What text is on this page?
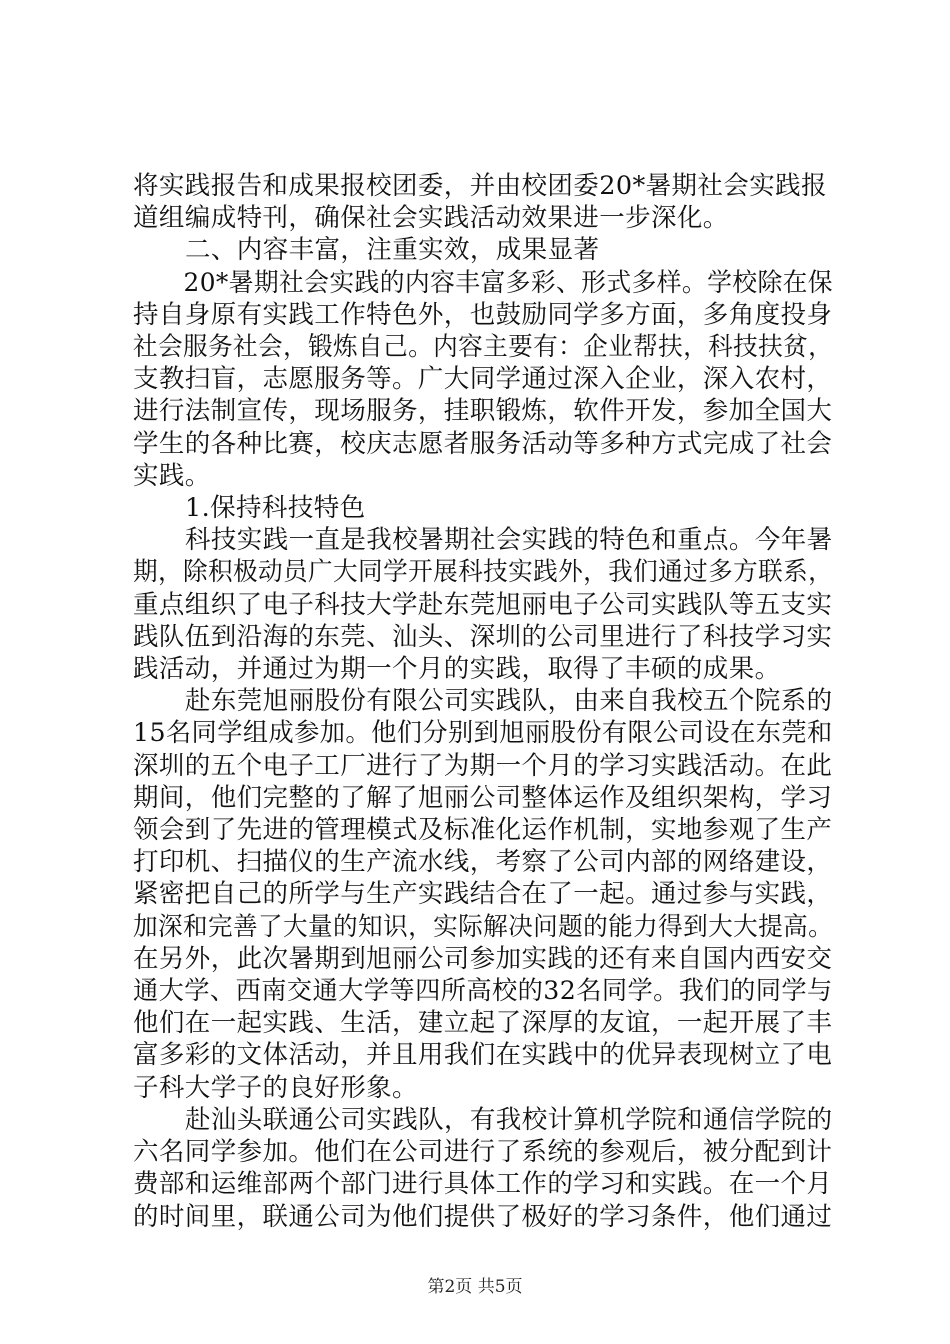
将实践报告和成果报校团委，并由校团委20*暑期社会实践报
道组编成特刊，确保社会实践活动效果进一步深化。
二、内容丰富，注重实效，成果显著
20*暑期社会实践的内容丰富多彩、形式多样。学校除在保
持自身原有实践工作特色外，也鼓励同学多方面，多角度投身
社会服务社会，锻炼自己。内容主要有：企业帮扶，科技扶贫，
支教扫盲，志愿服务等。广大同学通过深入企业，深入农村，
进行法制宣传，现场服务，挂职锻炼，软件开发，参加全国大
学生的各种比赛，校庆志愿者服务活动等多种方式完成了社会
实践。
1.保持科技特色
科技实践一直是我校暑期社会实践的特色和重点。今年暑
期，除积极动员广大同学开展科技实践外，我们通过多方联系，
重点组织了电子科技大学赴东莞旭丽电子公司实践队等五支实
践队伍到沿海的东莞、汕头、深圳的公司里进行了科技学习实
践活动，并通过为期一个月的实践，取得了丰硕的成果。
赴东莞旭丽股份有限公司实践队，由来自我校五个院系的
15名同学组成参加。他们分别到旭丽股份有限公司设在东莞和
深圳的五个电子工厂进行了为期一个月的学习实践活动。在此
期间，他们完整的了解了旭丽公司整体运作及组织架构，学习
领会到了先进的管理模式及标准化运作机制，实地参观了生产
打印机、扫描仪的生产流水线，考察了公司内部的网络建设，
紧密把自己的所学与生产实践结合在了一起。通过参与实践，
加深和完善了大量的知识，实际解决问题的能力得到大大提高。
在另外，此次暑期到旭丽公司参加实践的还有来自国内西安交
通大学、西南交通大学等四所高校的32名同学。我们的同学与
他们在一起实践、生活，建立起了深厚的友谊，一起开展了丰
富多彩的文体活动，并且用我们在实践中的优异表现树立了电
子科大学子的良好形象。
赴汕头联通公司实践队，有我校计算机学院和通信学院的
六名同学参加。他们在公司进行了系统的参观后，被分配到计
费部和运维部两个部门进行具体工作的学习和实践。在一个月
的时间里，联通公司为他们提供了极好的学习条件，他们通过
第2页 共5页
